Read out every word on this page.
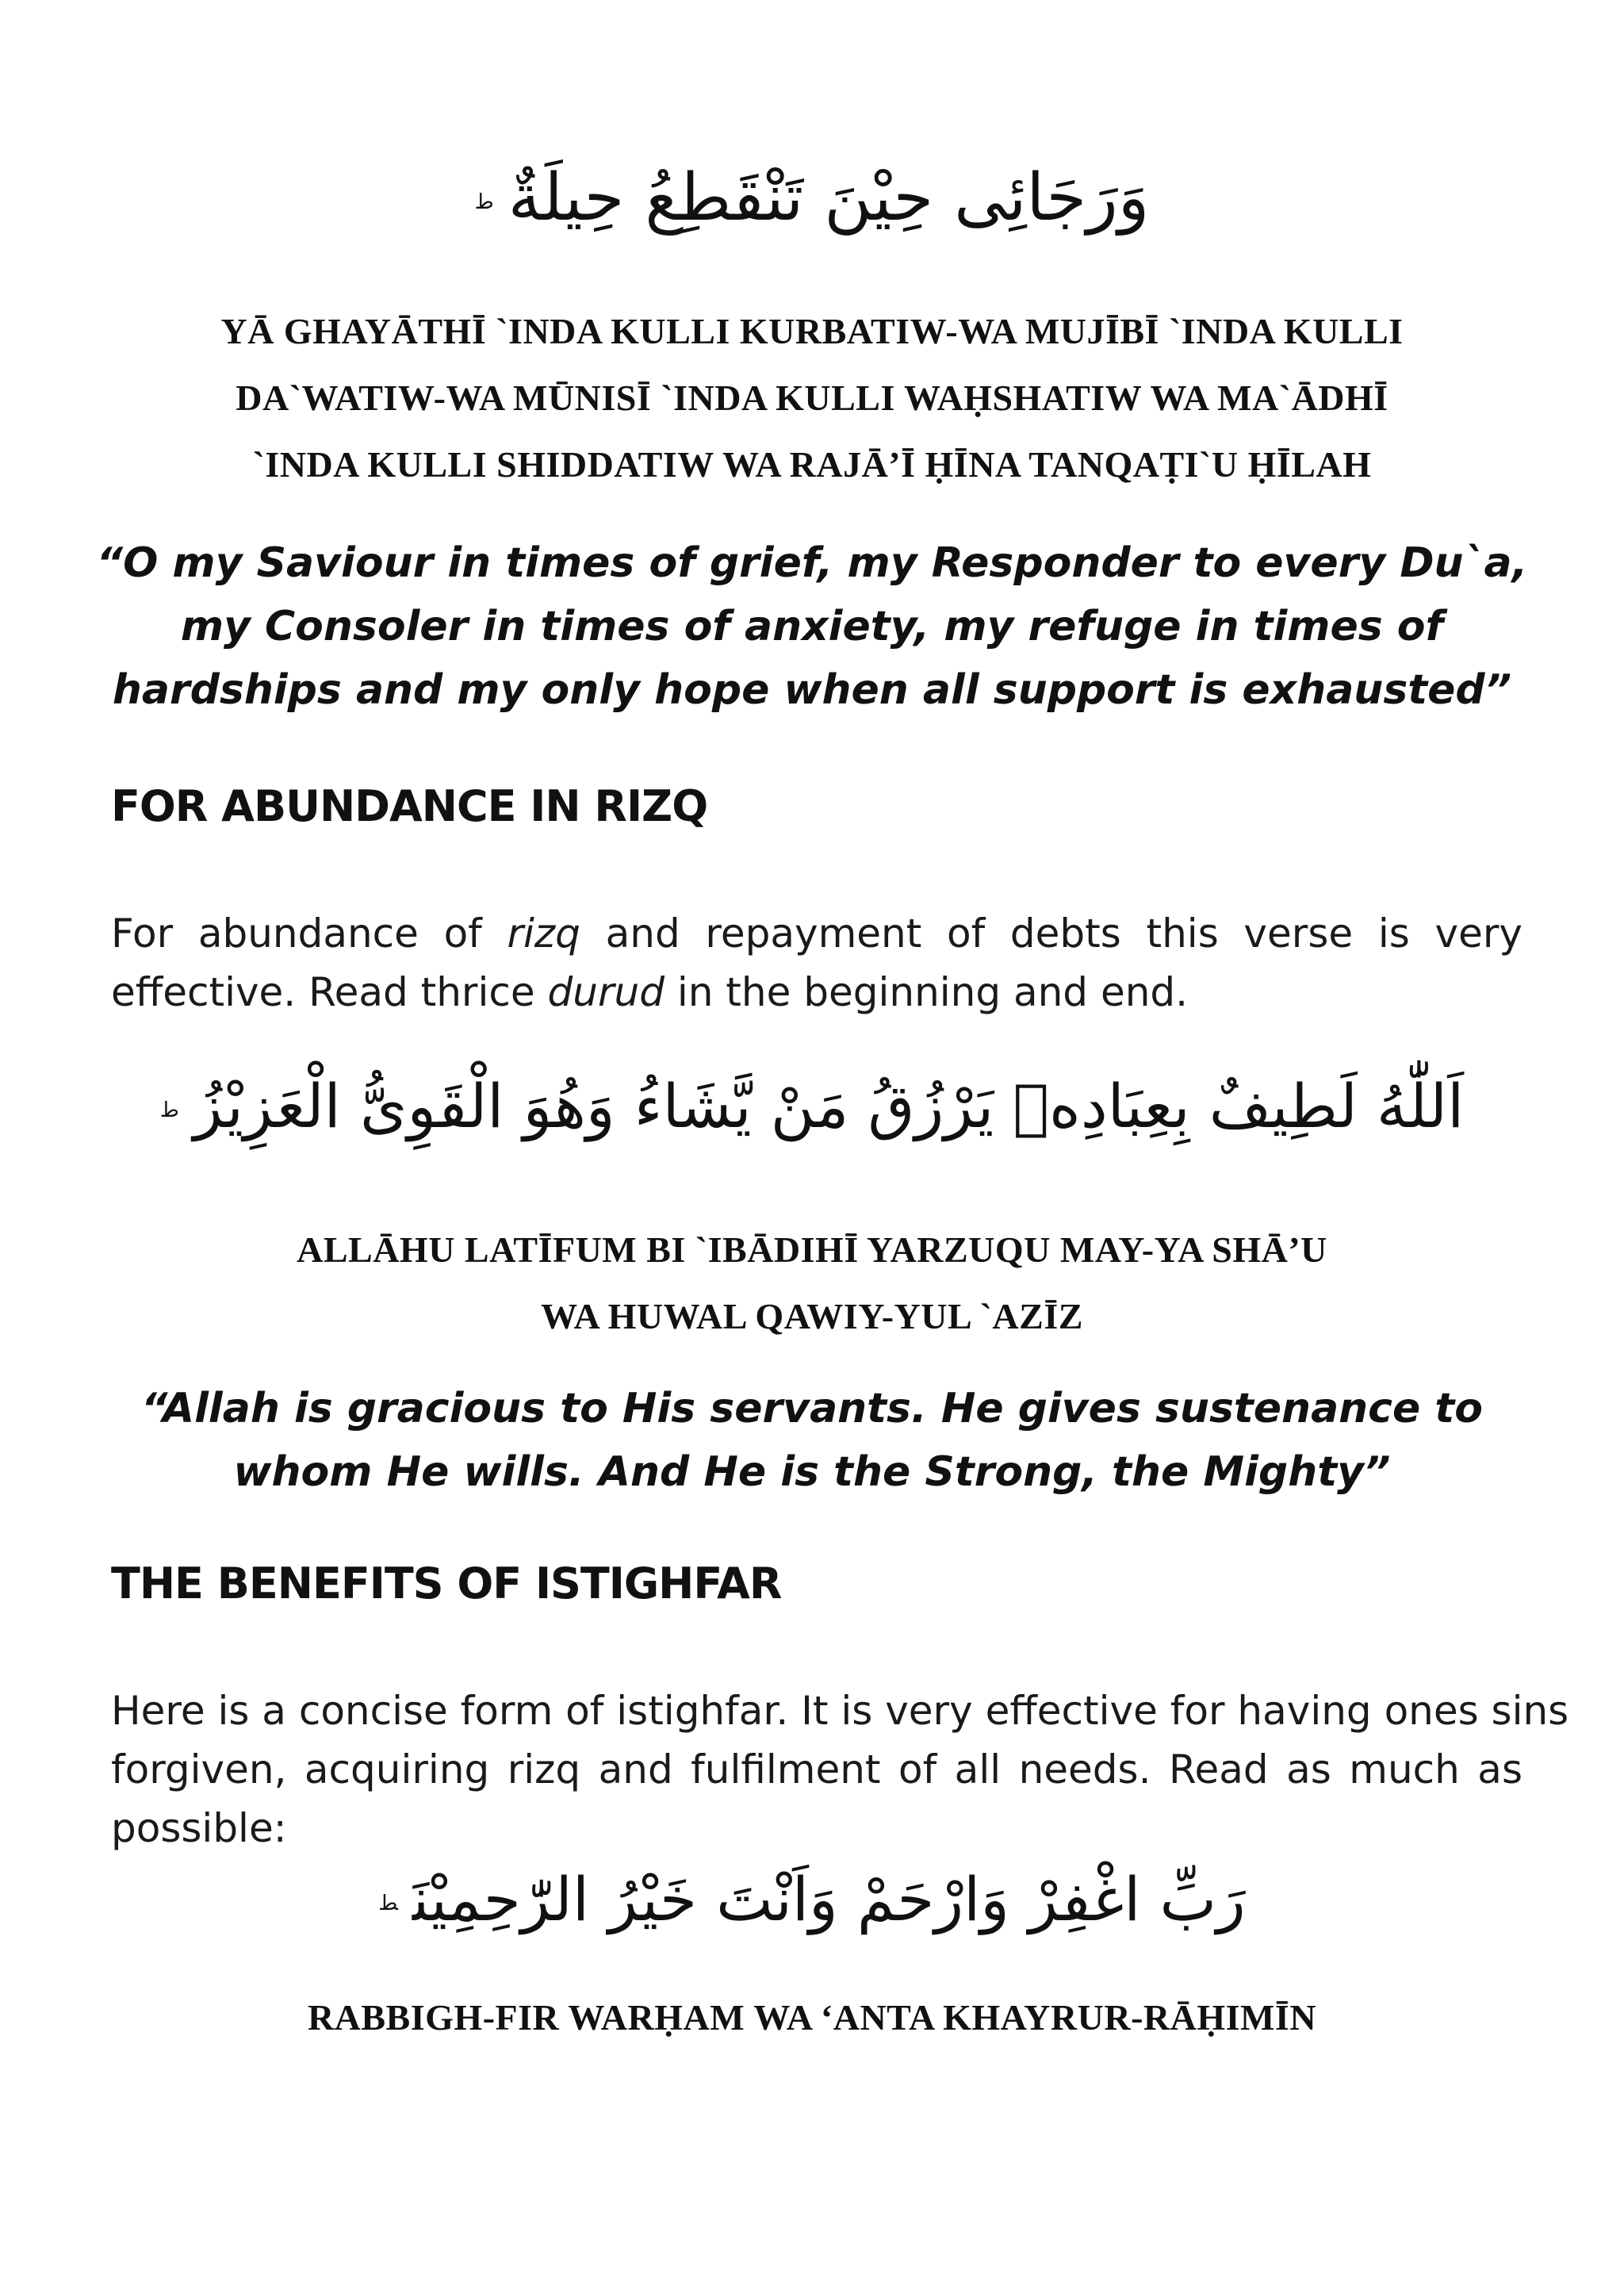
وَرَجَائِى حِيْنَ تَنْقَطِعُ حِيلَةٌط
YĀ GHAYĀTHĪ `INDA KULLI KURBATIW-WA MUJĪBĪ `INDA KULLI
DA`WATIW-WA MŪNISĪ `INDA KULLI WAḤSHATIW WA MA`ĀDHĪ
`INDA KULLI SHIDDATIW WA RAJĀ’Ī ḤĪNA TANQAṬI`U ḤĪLAH
“O my Saviour in times of grief, my Responder to every Du`a,
my Consoler in times of anxiety, my refuge in times of
hardships and my only hope when all support is exhausted”
FOR ABUNDANCE IN RIZQ
For abundance of rizq and repayment of debts this verse is very
effective. Read thrice durud in the beginning and end.
اَللّٰهُ لَطِيفٌ بِعِبَادِهٖ يَرْزُقُ مَنْ يَّشَاءُ وَهُوَ الْقَوِىُّ الْعَزِيْزُط
ALLĀHU LATĪFUM BI `IBĀDIHĪ YARZUQU MAY-YA SHĀ’U
WA HUWAL QAWIY-YUL `AZĪZ
“Allah is gracious to His servants. He gives sustenance to
whom He wills. And He is the Strong, the Mighty”
THE BENEFITS OF ISTIGHFAR
Here is a concise form of istighfar. It is very effective for having ones sins
forgiven, acquiring rizq and fulfilment of all needs. Read as much as
possible:
رَبِّ اغْفِرْ وَارْحَمْ وَاَنْتَ خَيْرُ الرّٰحِمِيْنَط
RABBIGH-FIR WARḤAM WA ‘ANTA KHAYRUR-RĀḤIMĪN
